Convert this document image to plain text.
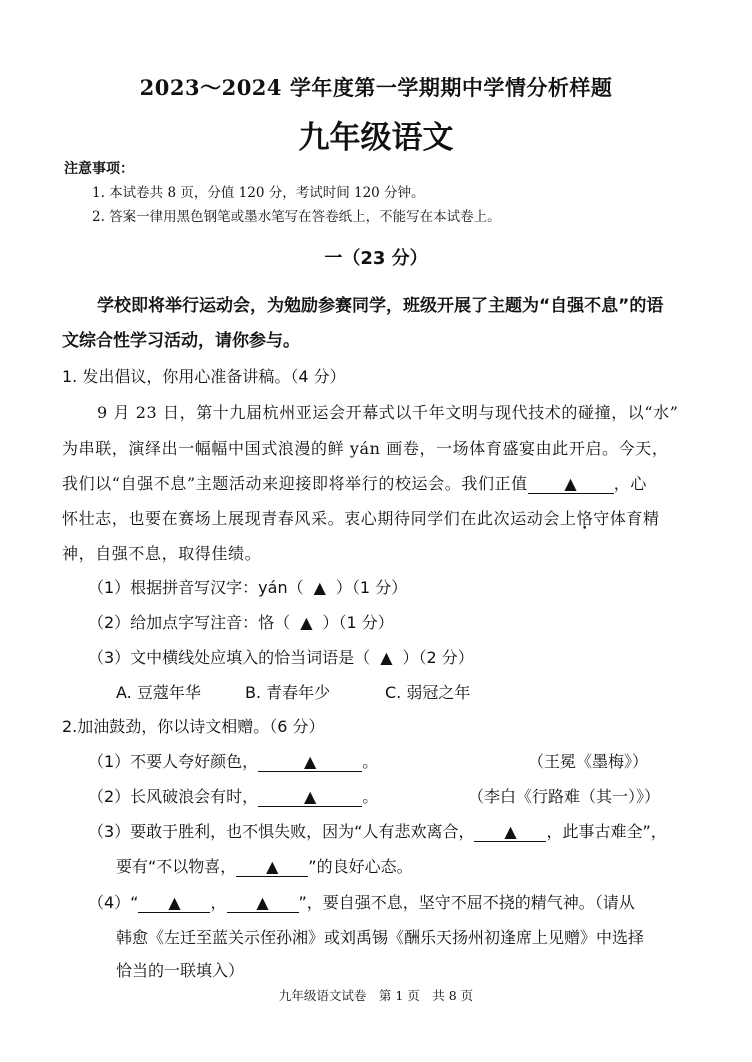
2023～2024 学年度第一学期期中学情分析样题
九年级语文
注意事项：
1. 本试卷共 8 页，分值 120 分，考试时间 120 分钟。
2. 答案一律用黑色钢笔或墨水笔写在答卷纸上，不能写在本试卷上。
一（23 分）
学校即将举行运动会，为勉励参赛同学，班级开展了主题为“自强不息”的语
文综合性学习活动，请你参与。
1. 发出倡议，你用心准备讲稿。（4 分）
9 月 23 日，第十九届杭州亚运会开幕式以千年文明与现代技术的碰撞，以“水”
为串联，演绎出一幅幅中国式浪漫的鲜 yán 画卷，一场体育盛宴由此开启。今天，
我们以“自强不息”主题活动来迎接即将举行的校运会。我们正值 ▲ ，心
怀壮志，也要在赛场上展现青春风采。衷心期待同学们在此次运动会上恪守体育精
神，自强不息，取得佳绩。
（1）根据拼音写汉字：yán（ ▲ ）（1 分）
（2）给加点字写注音：恪（ ▲ ）（1 分）
（3）文中横线处应填入的恰当词语是（ ▲ ）（2 分）
A. 豆蔻年华	B. 青春年少	C. 弱冠之年
2.加油鼓劲，你以诗文相赠。（6 分）
（1）不要人夸好颜色，	▲	。	（王冕《墨梅》）
（2）长风破浪会有时，	▲	。	（李白《行路难（其一）》）
（3）要敢于胜利，也不惧失败，因为“人有悲欢离合， ▲ ，此事古难全”，
要有“不以物喜， ▲ ”的良好心态。
（4）“ ▲ ， ▲ ”，要自强不息，坚守不屈不挠的精气神。（请从
韩愈《左迁至蓝关示侄孙湘》或刘禹锡《酬乐天扬州初逢席上见赠》中选择
恰当的一联填入）
九年级语文试卷　第 1 页　共 8 页
